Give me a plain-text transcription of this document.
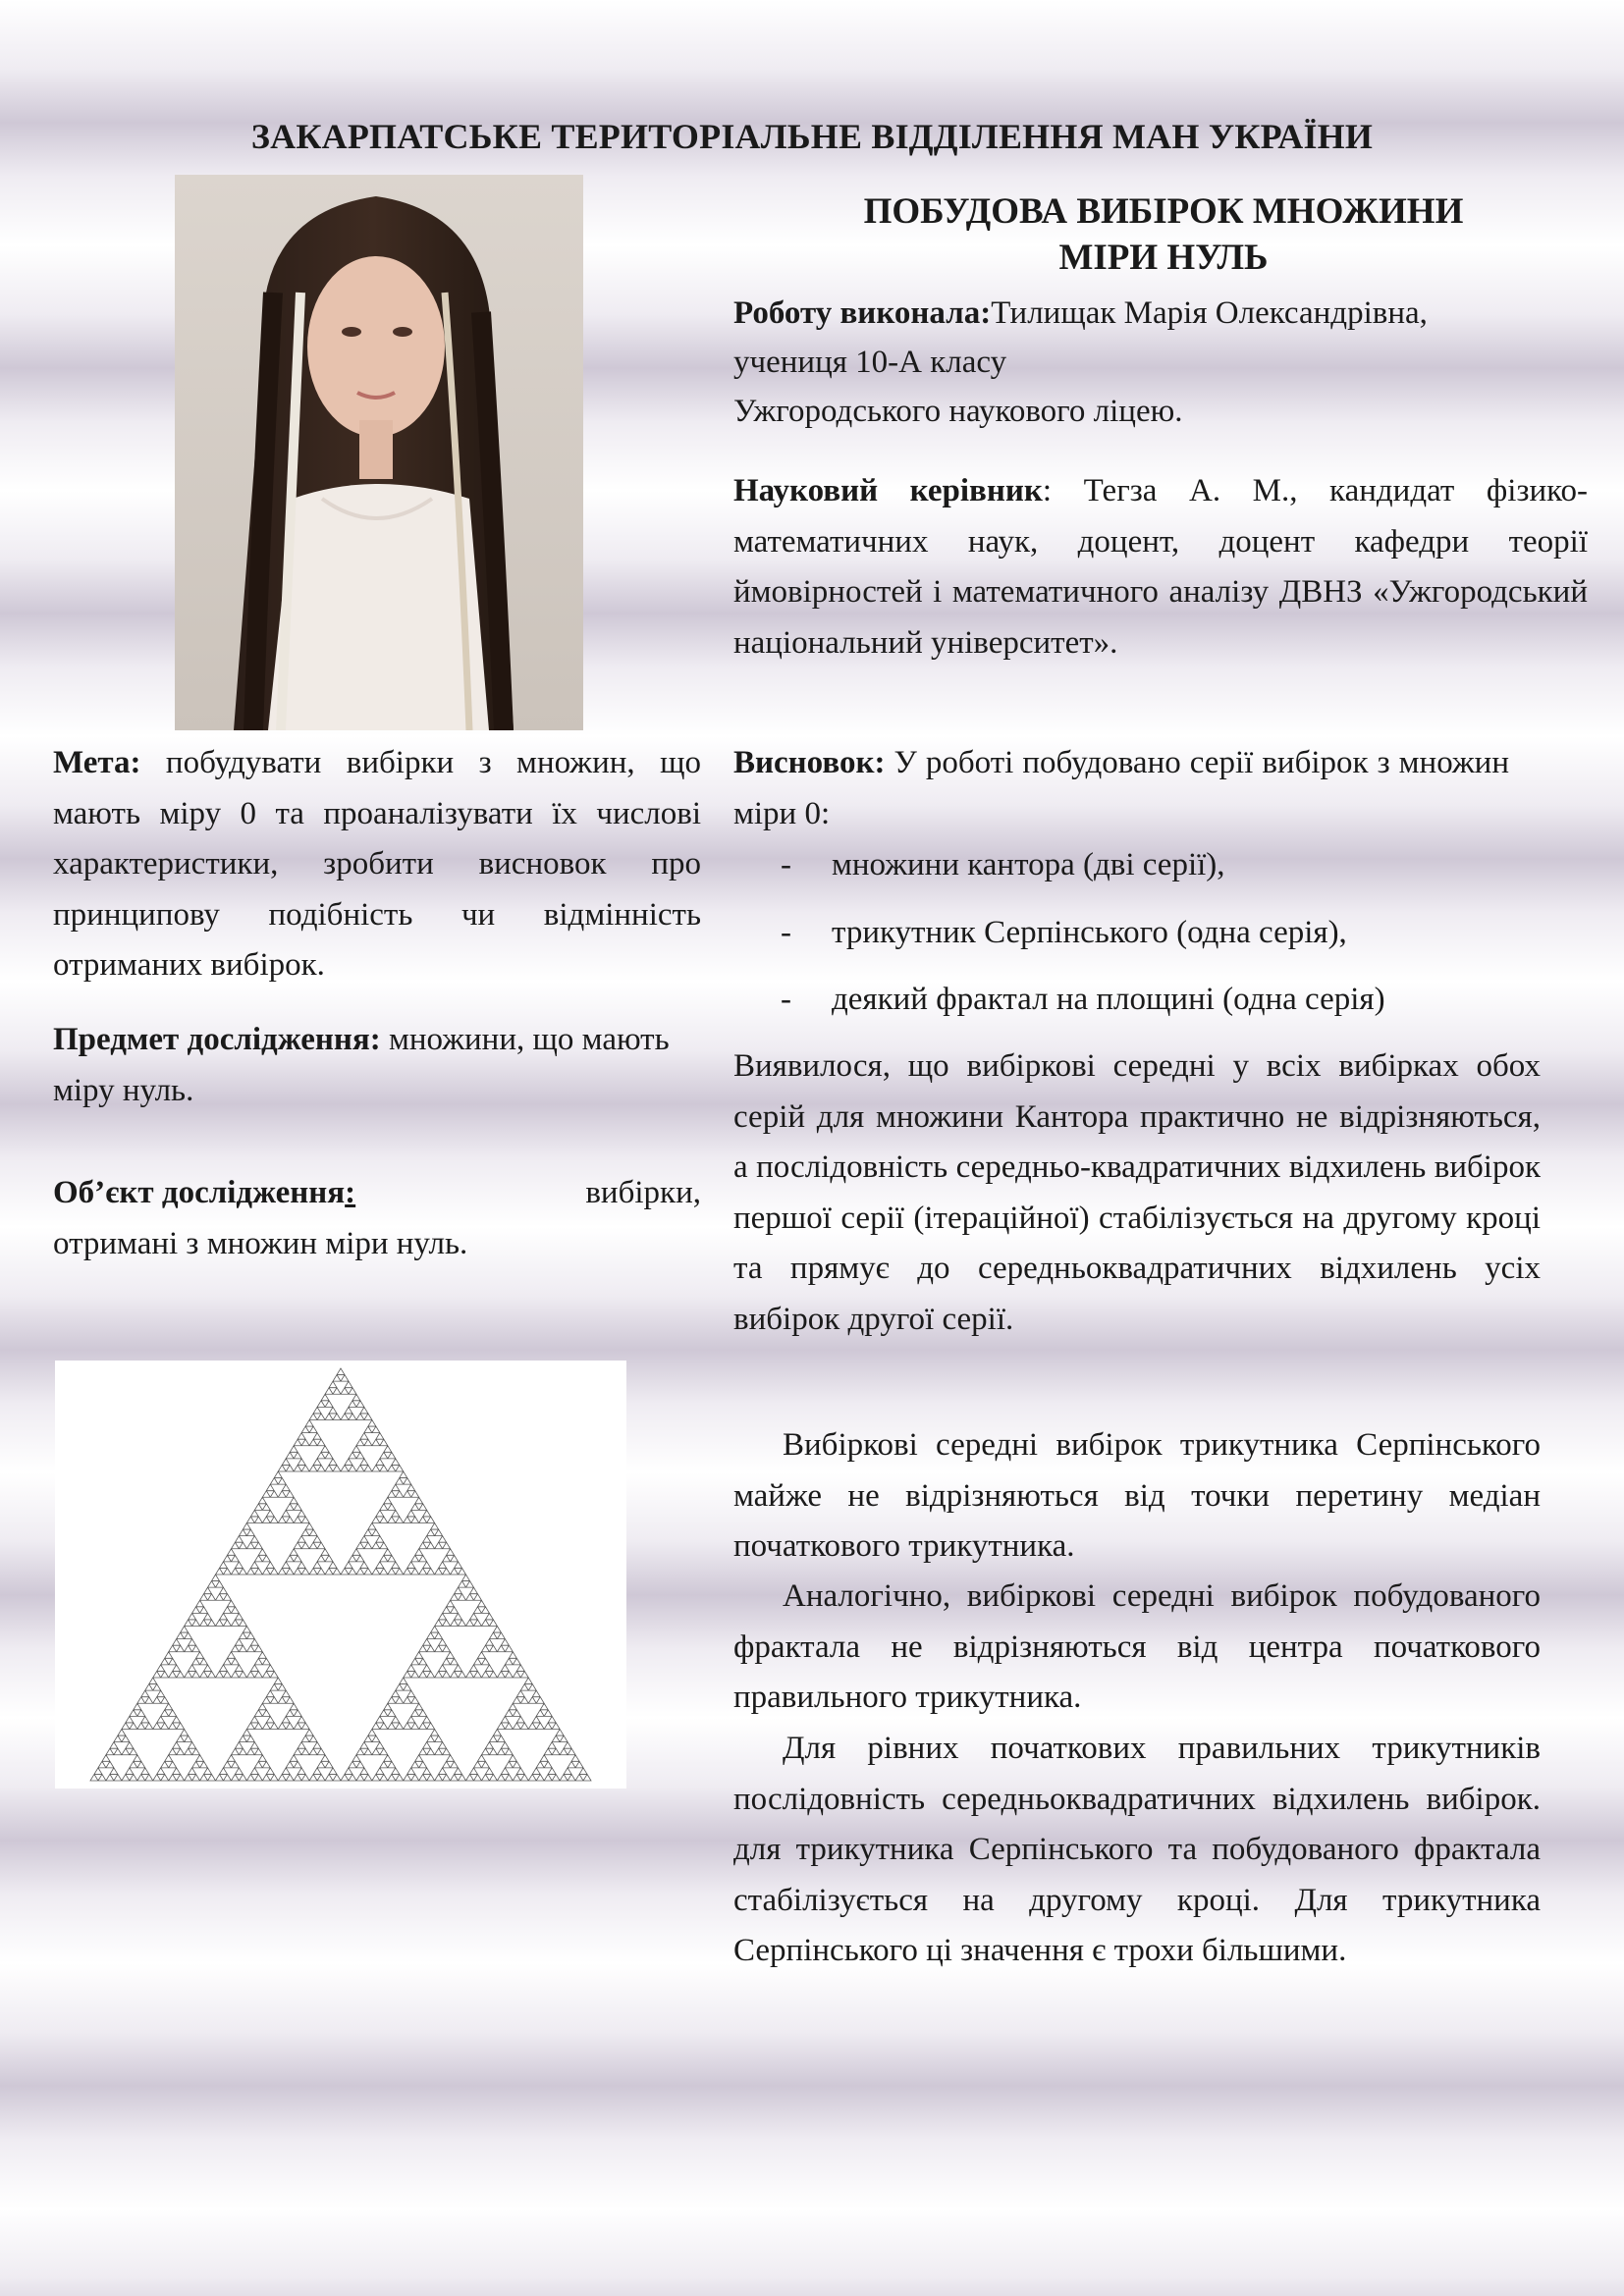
ЗАКАРПАТСЬКЕ ТЕРИТОРІАЛЬНЕ ВІДДІЛЕННЯ МАН УКРАЇНИ
ПОБУДОВА ВИБІРОК МНОЖИНИ
МІРИ НУЛЬ
Роботу виконала:Тилищак Марія Олександрівна,
учениця 10-А класу
Ужгородського наукового ліцею.
Науковий керівник: Тегза А. М., кандидат фізико-математичних наук, доцент, доцент кафедри теорії ймовірностей і математичного аналізу ДВНЗ «Ужгородський національний університет».
Мета: побудувати вибірки з множин, що мають міру 0 та проаналізувати їх числові характеристики, зробити висновок про принципову подібність чи відмінність отриманих вибірок.
Предмет дослідження: множини, що мають міру нуль.
Об’єкт дослідження:	вибірки,
отримані з множин міри нуль.
Висновок: У роботі побудовано серії вибірок з множин міри 0:
- множини кантора (дві серії),
- трикутник Серпінського (одна серія),
- деякий фрактал на площині (одна серія)
Виявилося, що вибіркові середні у всіх вибірках обох серій для множини Кантора практично не відрізняються, а послідовність середньо-квадратичних відхилень вибірок першої серії (ітераційної) стабілізується на другому кроці та прямує до середньоквадратичних відхилень усіх вибірок другої серії.
Вибіркові середні вибірок трикутника Серпінського майже не відрізняються від точки перетину медіан початкового трикутника.
Аналогічно, вибіркові середні вибірок побудованого фрактала не відрізняються від центра початкового правильного трикутника.
Для рівних початкових правильних трикутників послідовність середньоквадратичних відхилень вибірок. для трикутника Серпінського та побудованого фрактала стабілізується на другому кроці. Для трикутника Серпінського ці значення є трохи більшими.
